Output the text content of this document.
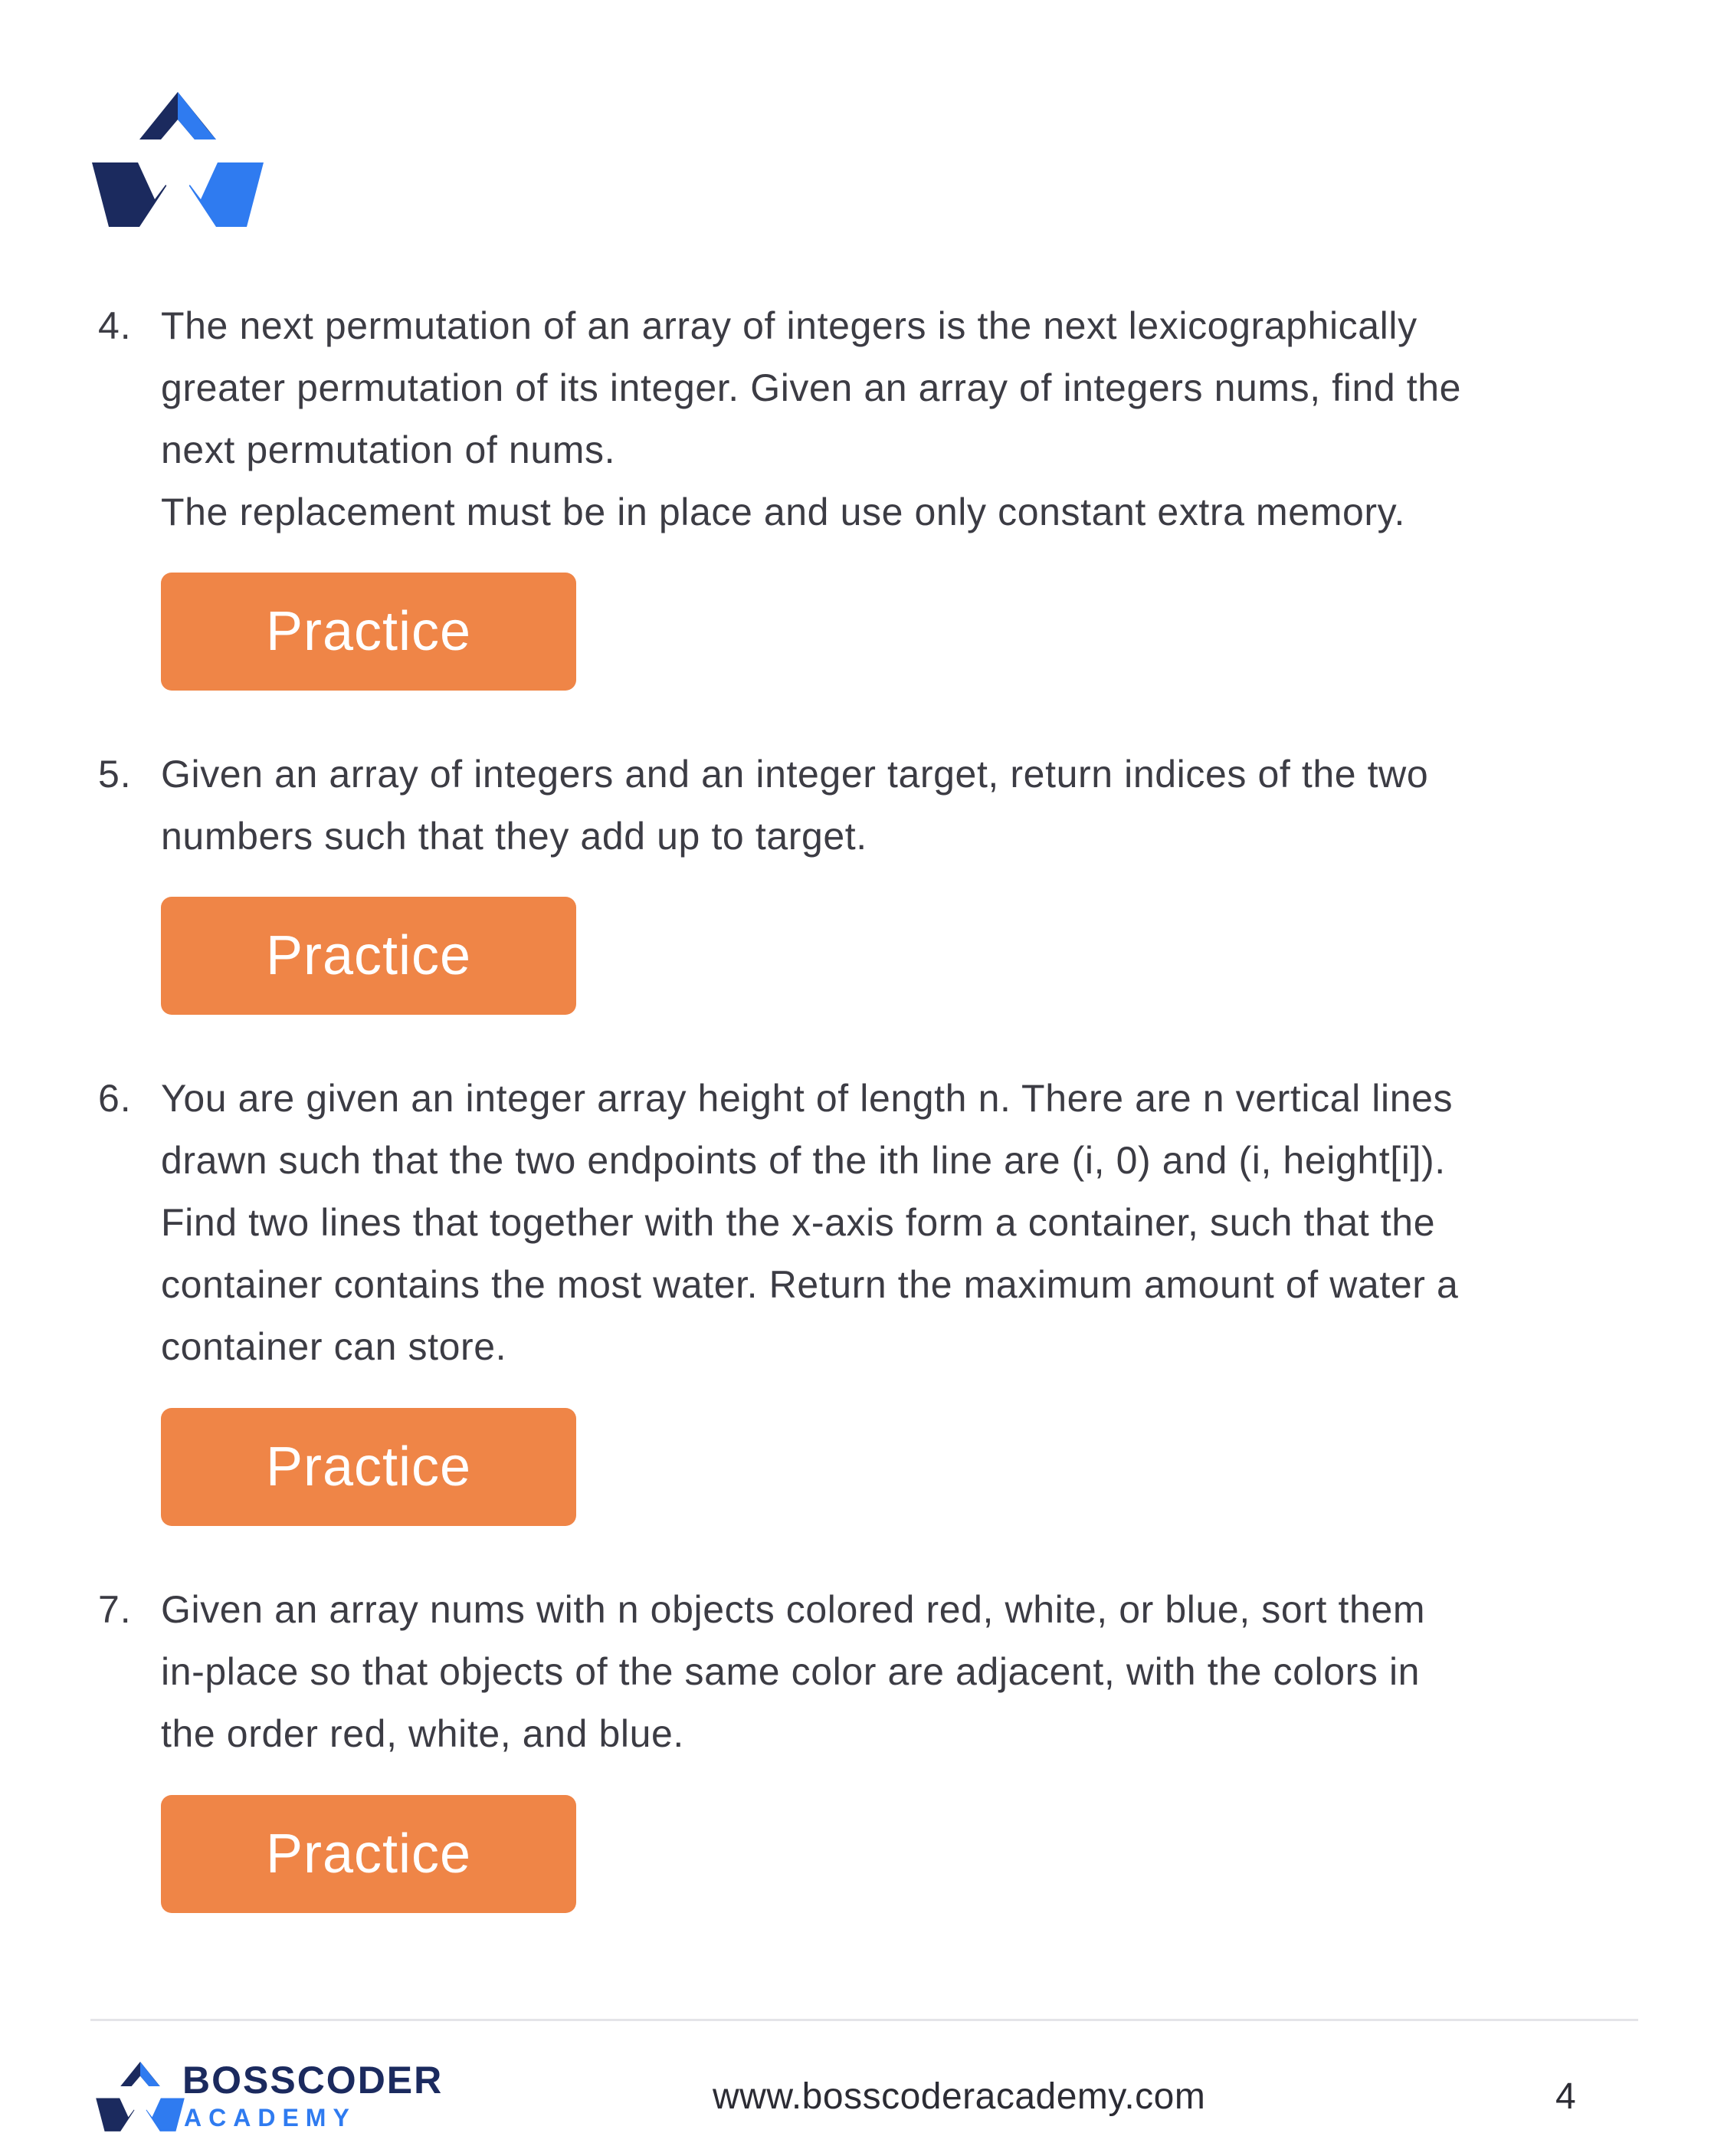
4. The next permutation of an array of integers is the next lexicographically
greater permutation of its integer. Given an array of integers nums, find the
next permutation of nums.
The replacement must be in place and use only constant extra memory.
Practice
5. Given an array of integers and an integer target, return indices of the two
numbers such that they add up to target.
Practice
6. You are given an integer array height of length n. There are n vertical lines
drawn such that the two endpoints of the ith line are (i, 0) and (i, height[i]).
Find two lines that together with the x-axis form a container, such that the
container contains the most water. Return the maximum amount of water a
container can store.
Practice
7. Given an array nums with n objects colored red, white, or blue, sort them
in-place so that objects of the same color are adjacent, with the colors in
the order red, white, and blue.
Practice
BOSSCODER
ACADEMY
www.bosscoderacademy.com	4
